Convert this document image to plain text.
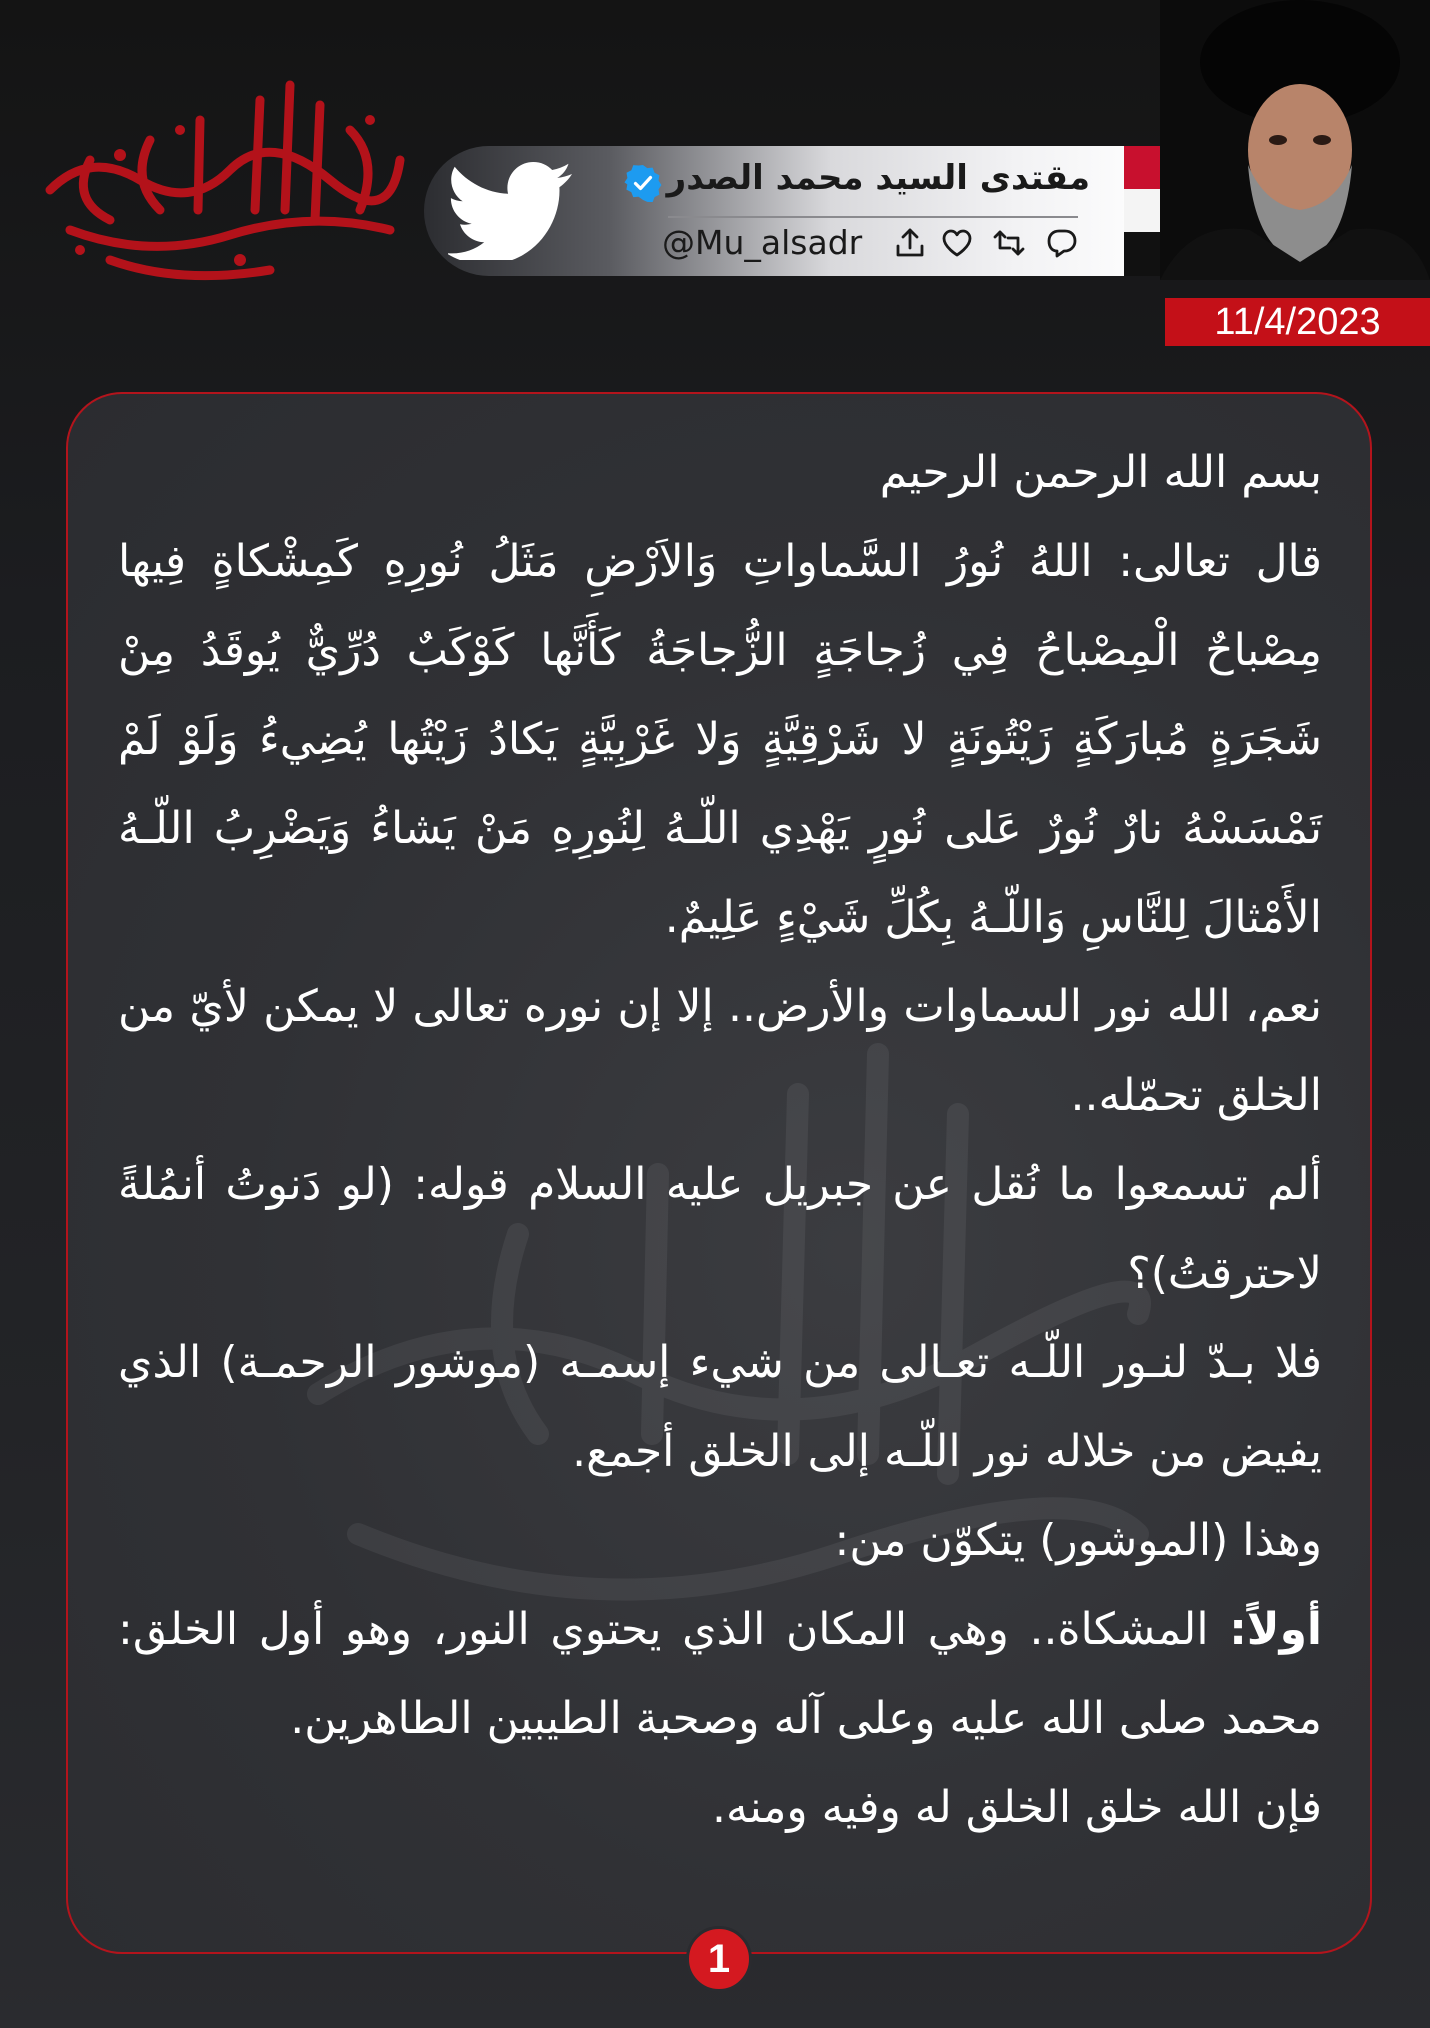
مقتدى السيد محمد الصدر
@Mu_alsadr
11/4/2023

بسم الله الرحمن الرحيم

قال تعالى: اللهُ نُورُ السَّماواتِ وَالاَرْضِ مَثَلُ نُورِهِ كَمِشْكاةٍ فِيها مِصْباحٌ الْمِصْباحُ فِي زُجاجَةٍ الزُّجاجَةُ كَأَنَّها كَوْكَبٌ دُرِّيٌّ يُوقَدُ مِنْ شَجَرَةٍ مُبارَكَةٍ زَيْتُونَةٍ لا شَرْقِيَّةٍ وَلا غَرْبِيَّةٍ يَكادُ زَيْتُها يُضِيءُ وَلَوْ لَمْ تَمْسَسْهُ نارٌ نُورٌ عَلى نُورٍ يَهْدِي اللّـهُ لِنُورِهِ مَنْ يَشاءُ وَيَضْرِبُ اللّـهُ الأَمْثالَ لِلنَّاسِ وَاللّـهُ بِكُلِّ شَيْءٍ عَلِيمٌ.

نعم، الله نور السماوات والأرض.. إلا إن نوره تعالى لا يمكن لأيّ من الخلق تحمّله..

ألم تسمعوا ما نُقل عن جبريل عليه السلام قوله: (لو دَنوتُ أنمُلةً لاحترقتُ)؟

فلا بـدّ لنـور اللّـه تعـالى من شيء إسمـه (موشور الرحمـة) الذي يفيض من خلاله نور اللّـه إلى الخلق أجمع.

وهذا (الموشور) يتكوّن من:

أولاً: المشكاة.. وهي المكان الذي يحتوي النور، وهو أول الخلق: محمد صلى الله عليه وعلى آله وصحبة الطيبين الطاهرين.

فإن الله خلق الخلق له وفيه ومنه.

1
